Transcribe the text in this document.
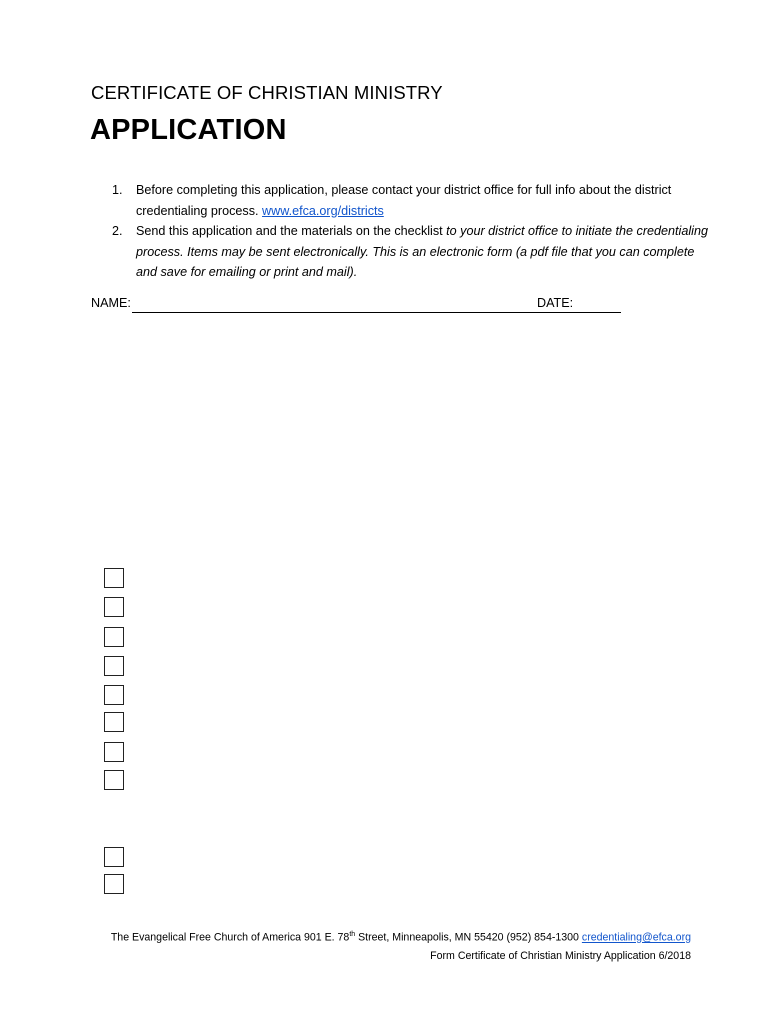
CERTIFICATE OF CHRISTIAN MINISTRY
APPLICATION
1. Before completing this application, please contact your district office for full info about the district credentialing process. www.efca.org/districts
2. Send this application and the materials on the checklist to your district office to initiate the credentialing process. Items may be sent electronically. This is an electronic form (a pdf file that you can complete and save for emailing or print and mail).
NAME:	DATE:
The Evangelical Free Church of America 901 E. 78th Street, Minneapolis, MN 55420 (952) 854-1300 credentialing@efca.org
Form Certificate of Christian Ministry Application 6/2018
